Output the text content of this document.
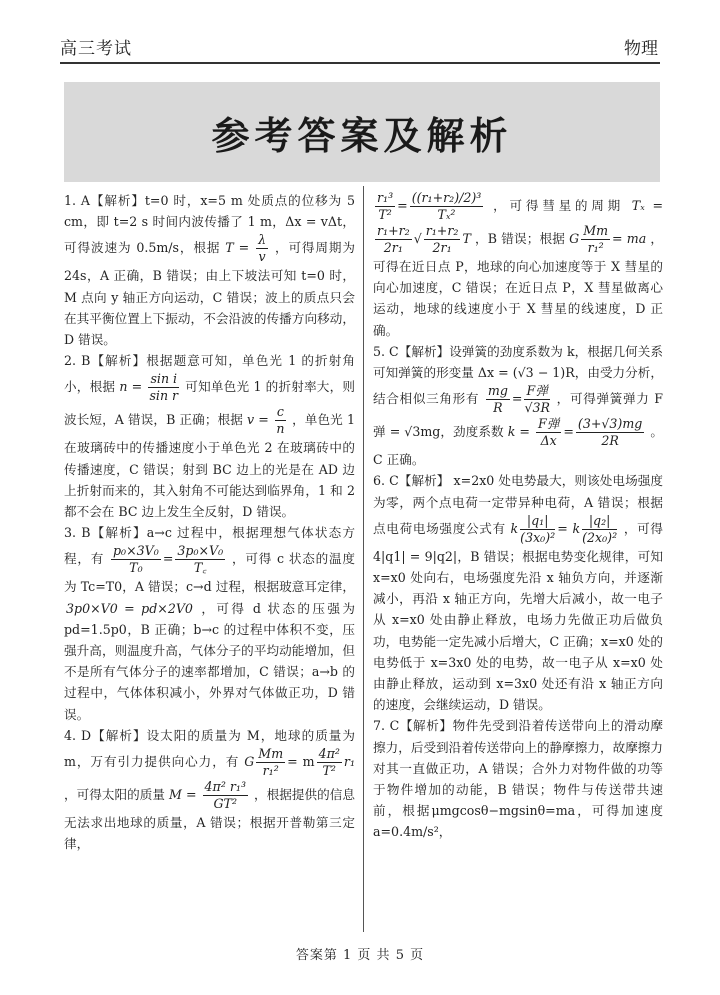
高三考试	物理
参考答案及解析

1. A【解析】t=0 时，x=5 m 处质点的位移为 5 cm，即 t=2 s 时间内波传播了 1 m，Δx = vΔt，可得波速为 0.5m/s，根据 $T = \frac{\lambda}{v}$ ，可得周期为 24s，A 正确，B 错误；由上下坡法可知 t=0 时，M 点向 y 轴正方向运动，C 错误；波上的质点只会在其平衡位置上下振动，不会沿波的传播方向移动，D 错误。

2. B【解析】根据题意可知，单色光 1 的折射角小，根据 $n = \frac{\text{sin i}}{\text{sin r}}$ 可知单色光 1 的折射率大，则波长短，A 错误，B 正确；根据 $v = \frac{c}{n}$ ，单色光 1 在玻璃砖中的传播速度小于单色光 2 在玻璃砖中的传播速度，C 错误；射到 BC 边上的光是在 AD 边上折射而来的，其入射角不可能达到临界角，1 和 2 都不会在 BC 边上发生全反射，D 错误。

3. B【解析】a→c 过程中，根据理想气体状态方程，有 $\frac{\text{p₀×3V₀}}{\text{T₀}} = \frac{\text{3p₀×V₀}}{T꜀}$ ，可得 c 状态的温度为 Tc=T0，A 错误；c→d 过程，根据玻意耳定律， 3p0×V0 = pd×2V0 ，可得 d 状态的压强为 pd=1.5p0，B 正确；b→c 的过程中体积不变，压强升高，则温度升高，气体分子的平均动能增加，但不是所有气体分子的速率都增加，C 错误；a→b 的过程中，气体体积减小，外界对气体做正功，D 错误。

4. D【解析】设太阳的质量为 M，地球的质量为 m，万有引力提供向心力，有 G $\frac{Mm}{\text{r₁²}} = m \frac{\text{4π²}}{\text{T²}} r_1$ ，可得太阳的质量 $M = \frac{\text{4π² r₁³}}{\text{GT²}}$ ，根据提供的信息无法求出地球的质量，A 错误；根据开普勒第三定律，

$\frac{\text{r₁³}}{\text{T²}} = \frac{\text{((r₁+r₂)/2)³}}{\text{Tₓ²}}$ ，可得彗星的周期 Tₓ =
$\frac{\text{r₁+r₂}}{\text{2r₁}}$ √ $\frac{\text{r₁+r₂}}{\text{2r₁}}$ T ，B 错误；根据 G $\frac{Mm}{\text{r₁²}}$ = ma ，可得在近日点 P，地球的向心加速度等于 X 彗星的向心加速度，C 错误；在近日点 P，X 彗星做离心运动，地球的线速度小于 X 彗星的线速度，D 正确。

5. C【解析】设弹簧的劲度系数为 k，根据几何关系可知弹簧的形变量 Δx = (√3 − 1)R，由受力分析，结合相似三角形有 $\frac{mg}{R} = \frac{\text{F弹}}{√3R}$ ，可得弹簧弹力 F弹 = √3mg，劲度系数 $k = \frac{\text{F弹}}{\Delta x} = \frac{(3+√3)mg}{2R}$ 。C 正确。

6. C【解析】 x=2x0 处电势最大，则该处电场强度为零，两个点电荷一定带异种电荷，A 错误；根据点电荷电场强度公式有 k $\frac{\text{|q₁|}}{\text{(3x₀)²}} = k \frac{\text{|q₂|}}{\text{(2x₀)²}}$ ，可得 4|q1| = 9|q2|，B 错误；根据电势变化规律，可知 x=x0 处向右，电场强度先沿 x 轴负方向，并逐渐减小，再沿 x 轴正方向，先增大后减小，故一电子从 x=x0 处由静止释放，电场力先做正功后做负功，电势能一定先减小后增大，C 正确；x=x0 处的电势低于 x=3x0 处的电势，故一电子从 x=x0 处由静止释放，运动到 x=3x0 处还有沿 x 轴正方向的速度，会继续运动，D 错误。

7. C【解析】物件先受到沿着传送带向上的滑动摩擦力，后受到沿着传送带向上的静摩擦力，故摩擦力对其一直做正功，A 错误；合外力对物件做的功等于物件增加的动能，B 错误；物件与传送带共速前，根据μmgcosθ−mgsinθ=ma，可得加速度 a=0.4m/s²，

答案第 1 页 共 5 页
